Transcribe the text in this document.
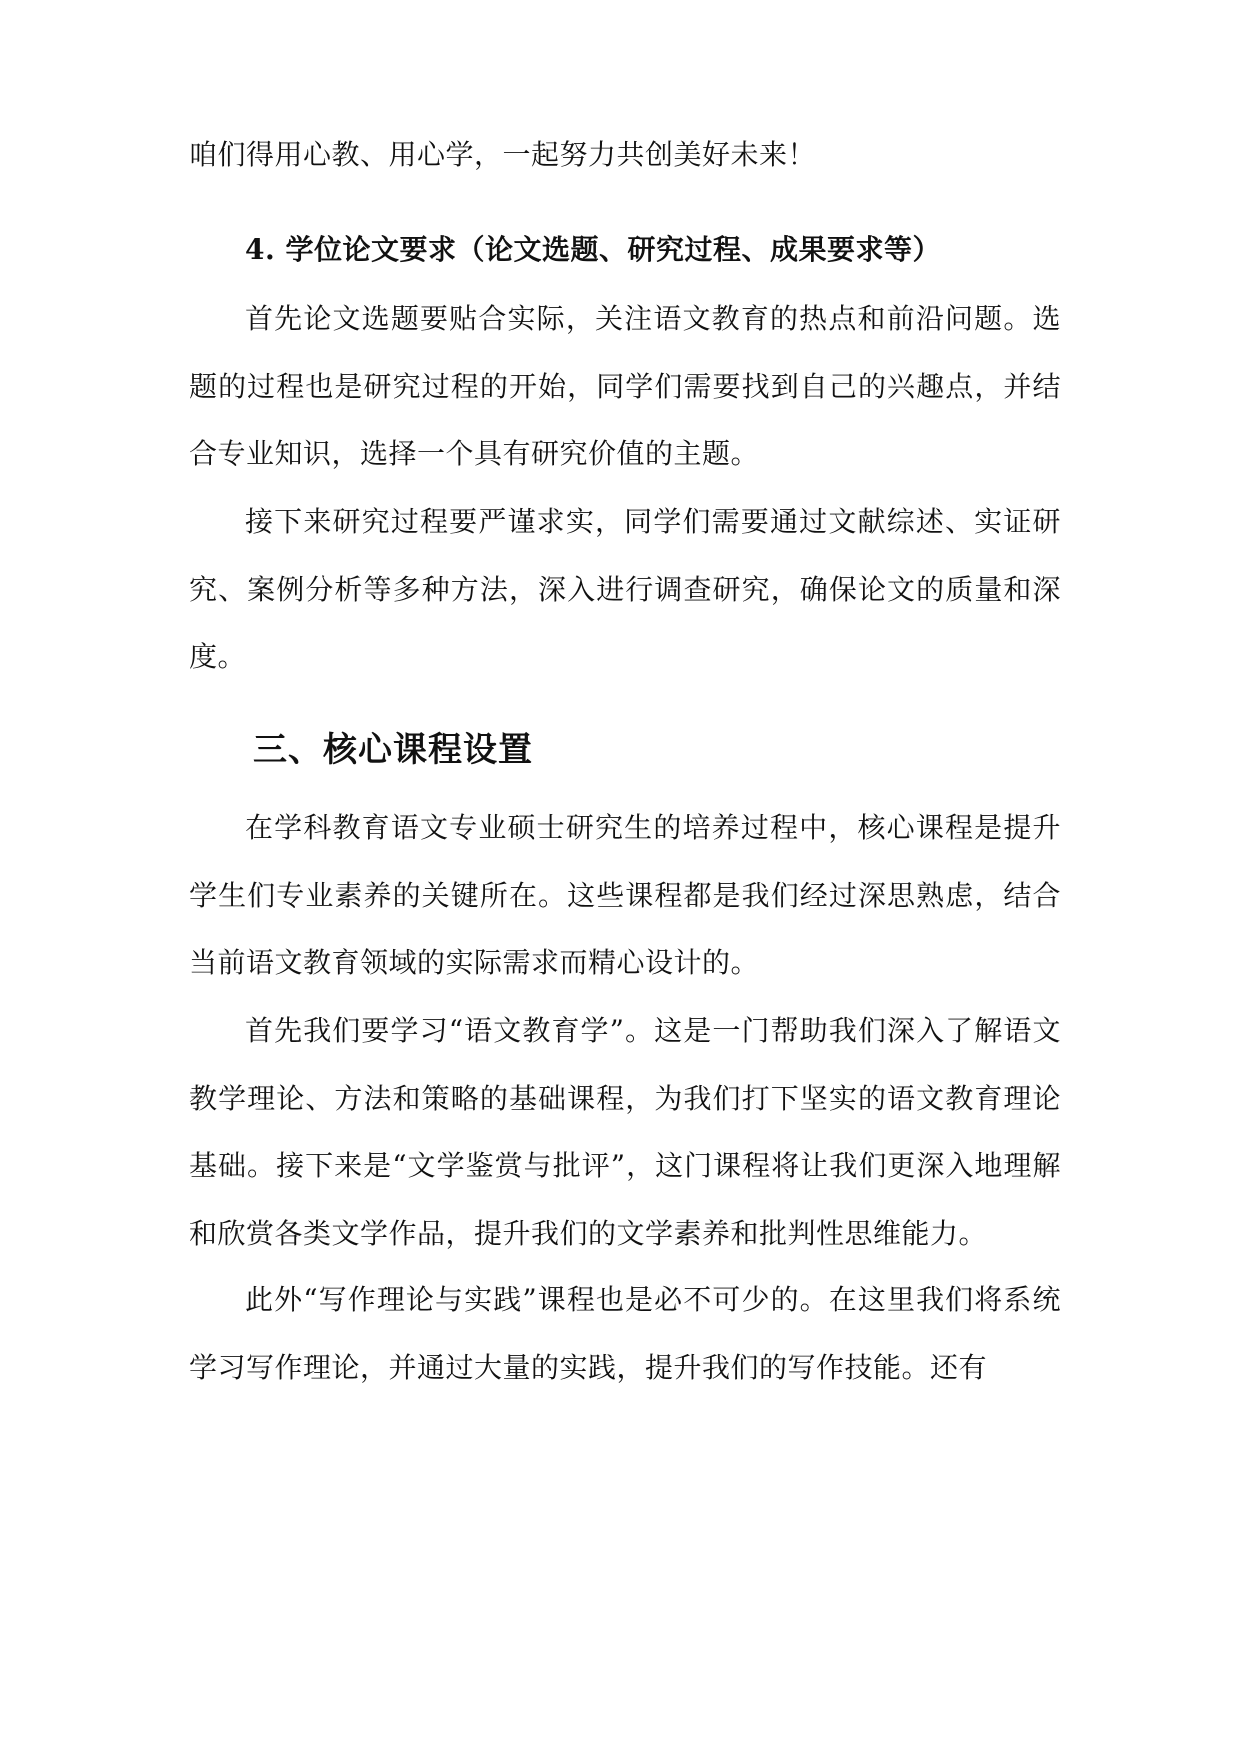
咱们得用心教、用心学，一起努力共创美好未来！

4. 学位论文要求（论文选题、研究过程、成果要求等）

首先论文选题要贴合实际，关注语文教育的热点和前沿问题。选题的过程也是研究过程的开始，同学们需要找到自己的兴趣点，并结合专业知识，选择一个具有研究价值的主题。

接下来研究过程要严谨求实，同学们需要通过文献综述、实证研究、案例分析等多种方法，深入进行调查研究，确保论文的质量和深度。

三、核心课程设置

在学科教育语文专业硕士研究生的培养过程中，核心课程是提升学生们专业素养的关键所在。这些课程都是我们经过深思熟虑，结合当前语文教育领域的实际需求而精心设计的。

首先我们要学习“语文教育学”。这是一门帮助我们深入了解语文教学理论、方法和策略的基础课程，为我们打下坚实的语文教育理论基础。接下来是“文学鉴赏与批评”，这门课程将让我们更深入地理解和欣赏各类文学作品，提升我们的文学素养和批判性思维能力。

此外“写作理论与实践”课程也是必不可少的。在这里我们将系统学习写作理论，并通过大量的实践，提升我们的写作技能。还有
